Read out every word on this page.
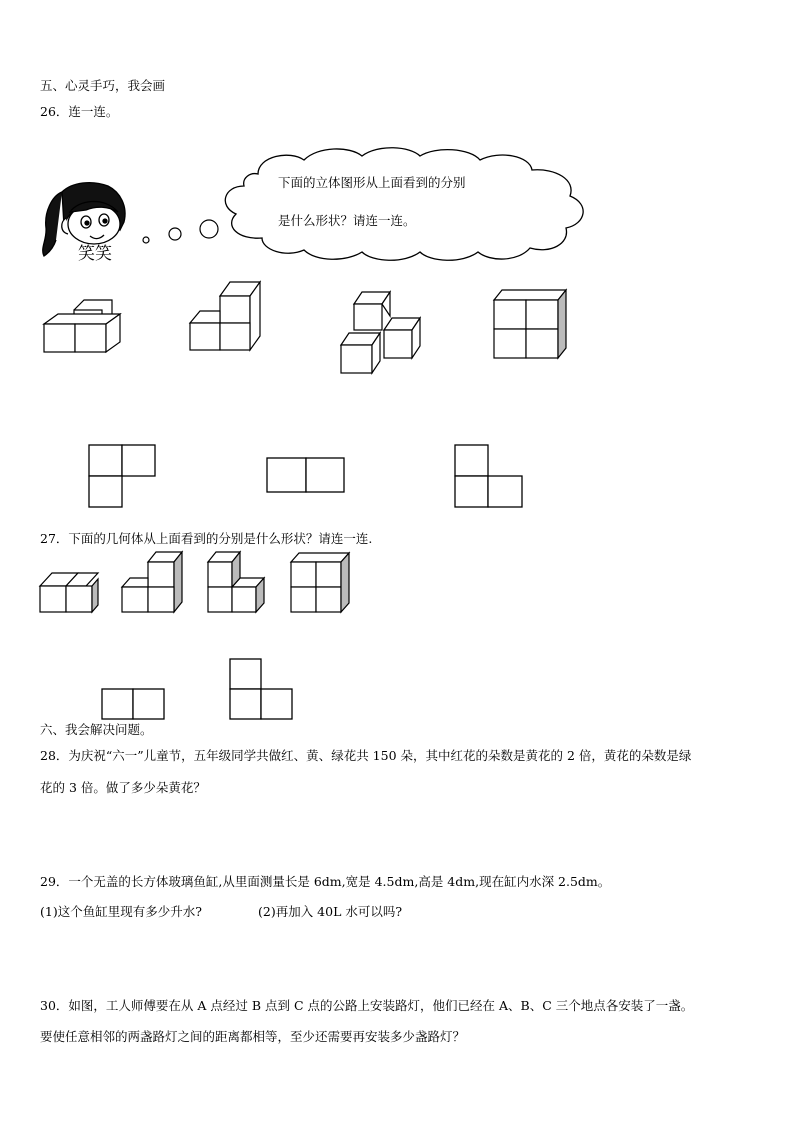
五、心灵手巧，我会画
26．连一连。
笑笑
下面的立体图形从上面看到的分别
是什么形状？请连一连。
27．下面的几何体从上面看到的分别是什么形状？请连一连.
六、我会解决问题。
28．为庆祝“六一”儿童节，五年级同学共做红、黄、绿花共 150 朵，其中红花的朵数是黄花的 2 倍，黄花的朵数是绿
花的 3 倍。做了多少朵黄花？
29．一个无盖的长方体玻璃鱼缸,从里面测量长是 6dm,宽是 4.5dm,高是 4dm,现在缸内水深 2.5dm。
(1)这个鱼缸里现有多少升水?	(2)再加入 40L 水可以吗?
30．如图，工人师傅要在从 A 点经过 B 点到 C 点的公路上安装路灯，他们已经在 A、B、C 三个地点各安装了一盏。
要使任意相邻的两盏路灯之间的距离都相等，至少还需要再安装多少盏路灯？
